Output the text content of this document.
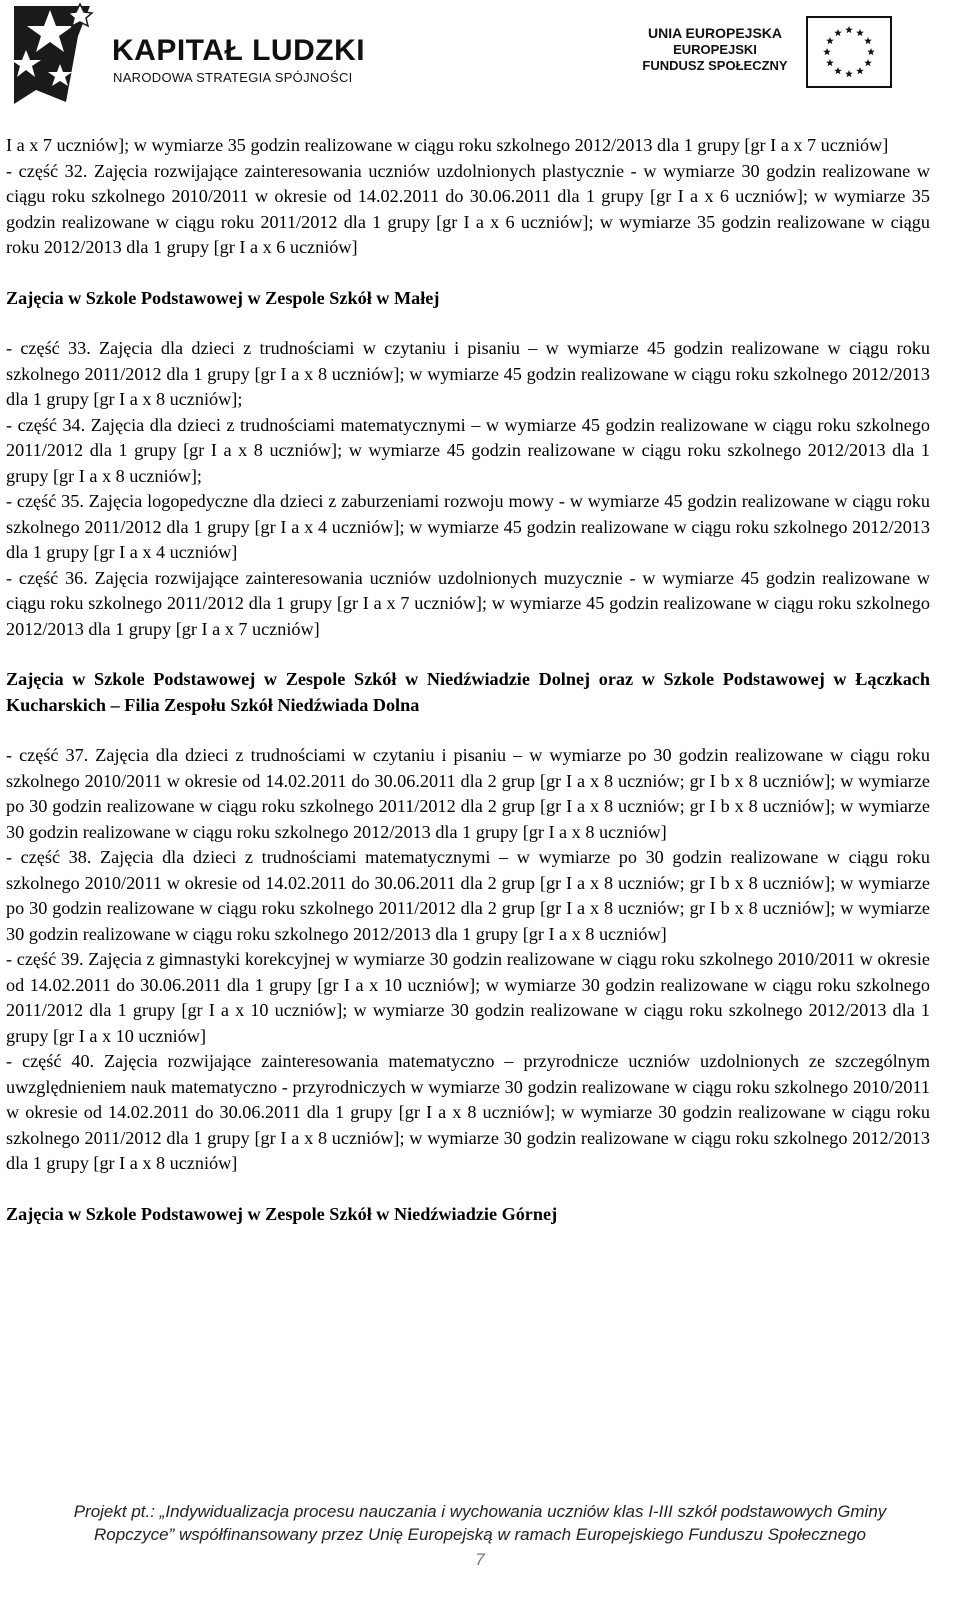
KAPITAŁ LUDZKI
NARODOWA STRATEGIA SPÓJNOŚCI
UNIA EUROPEJSKA
EUROPEJSKI
FUNDUSZ SPOŁECZNY

I a x 7 uczniów]; w wymiarze 35 godzin realizowane w ciągu roku szkolnego 2012/2013 dla 1 grupy [gr I a x 7 uczniów]

- część 32. Zajęcia rozwijające zainteresowania uczniów uzdolnionych plastycznie - w wymiarze 30 godzin realizowane w ciągu roku szkolnego 2010/2011 w okresie od 14.02.2011 do 30.06.2011 dla 1 grupy [gr I a x 6 uczniów]; w wymiarze 35 godzin realizowane w ciągu roku 2011/2012 dla 1 grupy [gr I a x 6 uczniów]; w wymiarze 35 godzin realizowane w ciągu roku 2012/2013 dla 1 grupy [gr I a x 6 uczniów]

Zajęcia w Szkole Podstawowej w Zespole Szkół w Małej

- część 33. Zajęcia dla dzieci z trudnościami w czytaniu i pisaniu – w wymiarze 45 godzin realizowane w ciągu roku szkolnego 2011/2012 dla 1 grupy [gr I a x 8 uczniów]; w wymiarze 45 godzin realizowane w ciągu roku szkolnego 2012/2013 dla 1 grupy [gr I a x 8 uczniów];

- część 34. Zajęcia dla dzieci z trudnościami matematycznymi – w wymiarze 45 godzin realizowane w ciągu roku szkolnego 2011/2012 dla 1 grupy [gr I a x 8 uczniów]; w wymiarze 45 godzin realizowane w ciągu roku szkolnego 2012/2013 dla 1 grupy [gr I a x 8 uczniów];

- część 35. Zajęcia logopedyczne dla dzieci z zaburzeniami rozwoju mowy - w wymiarze 45 godzin realizowane w ciągu roku szkolnego 2011/2012 dla 1 grupy [gr I a x 4 uczniów]; w wymiarze 45 godzin realizowane w ciągu roku szkolnego 2012/2013 dla 1 grupy [gr I a x 4 uczniów]

- część 36. Zajęcia rozwijające zainteresowania uczniów uzdolnionych muzycznie - w wymiarze 45 godzin realizowane w ciągu roku szkolnego 2011/2012 dla 1 grupy [gr I a x 7 uczniów]; w wymiarze 45 godzin realizowane w ciągu roku szkolnego 2012/2013 dla 1 grupy [gr I a x 7 uczniów]

Zajęcia w Szkole Podstawowej w Zespole Szkół w Niedźwiadzie Dolnej oraz w Szkole Podstawowej w Łączkach Kucharskich – Filia Zespołu Szkół Niedźwiada Dolna

- część 37. Zajęcia dla dzieci z trudnościami w czytaniu i pisaniu – w wymiarze po 30 godzin realizowane w ciągu roku szkolnego 2010/2011 w okresie od 14.02.2011 do 30.06.2011 dla 2 grup [gr I a x 8 uczniów; gr I b x 8 uczniów]; w wymiarze po 30 godzin realizowane w ciągu roku szkolnego 2011/2012 dla 2 grup [gr I a x 8 uczniów; gr I b x 8 uczniów]; w wymiarze 30 godzin realizowane w ciągu roku szkolnego 2012/2013 dla 1 grupy [gr I a x 8 uczniów]

- część 38. Zajęcia dla dzieci z trudnościami matematycznymi – w wymiarze po 30 godzin realizowane w ciągu roku szkolnego 2010/2011 w okresie od 14.02.2011 do 30.06.2011 dla 2 grup [gr I a x 8 uczniów; gr I b x 8 uczniów]; w wymiarze po 30 godzin realizowane w ciągu roku szkolnego 2011/2012 dla 2 grup [gr I a x 8 uczniów; gr I b x 8 uczniów]; w wymiarze 30 godzin realizowane w ciągu roku szkolnego 2012/2013 dla 1 grupy [gr I a x 8 uczniów]

- część 39. Zajęcia z gimnastyki korekcyjnej w wymiarze 30 godzin realizowane w ciągu roku szkolnego 2010/2011 w okresie od 14.02.2011 do 30.06.2011 dla 1 grupy [gr I a x 10 uczniów]; w wymiarze 30 godzin realizowane w ciągu roku szkolnego 2011/2012 dla 1 grupy [gr I a x 10 uczniów]; w wymiarze 30 godzin realizowane w ciągu roku szkolnego 2012/2013 dla 1 grupy [gr I a x 10 uczniów]

- część 40. Zajęcia rozwijające zainteresowania matematyczno – przyrodnicze uczniów uzdolnionych ze szczególnym uwzględnieniem nauk matematyczno - przyrodniczych w wymiarze 30 godzin realizowane w ciągu roku szkolnego 2010/2011 w okresie od 14.02.2011 do 30.06.2011 dla 1 grupy [gr I a x 8 uczniów]; w wymiarze 30 godzin realizowane w ciągu roku szkolnego 2011/2012 dla 1 grupy [gr I a x 8 uczniów]; w wymiarze 30 godzin realizowane w ciągu roku szkolnego 2012/2013 dla 1 grupy [gr I a x 8 uczniów]

Zajęcia w Szkole Podstawowej w Zespole Szkół w Niedźwiadzie Górnej

Projekt pt.: „Indywidualizacja procesu nauczania i wychowania uczniów klas I-III szkół podstawowych Gminy
Ropczyce” współfinansowany przez Unię Europejską w ramach Europejskiego Funduszu Społecznego
7
